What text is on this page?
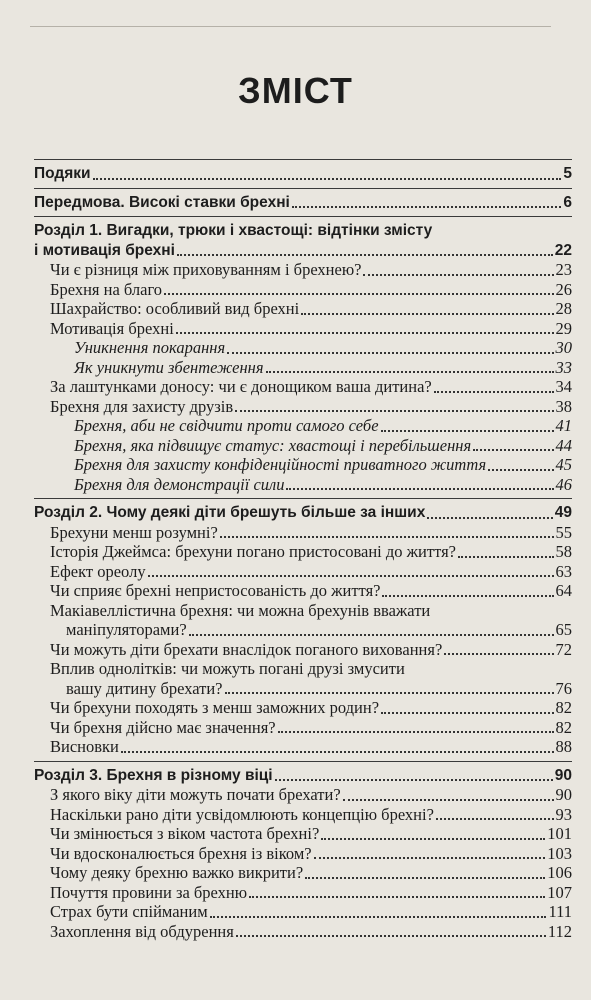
ЗМІСТ
Подяки	5
Передмова. Високі ставки брехні	6
Розділ 1. Вигадки, трюки і хвастощі: відтінки змісту
і мотивація брехні	22
Чи є різниця між приховуванням і брехнею?	23
Брехня на благо	26
Шахрайство: особливий вид брехні	28
Мотивація брехні	29
Уникнення покарання	30
Як уникнути збентеження	33
За лаштунками доносу: чи є донощиком ваша дитина?	34
Брехня для захисту друзів	38
Брехня, аби не свідчити проти самого себе	41
Брехня, яка підвищує статус: хвастощі і перебільшення	44
Брехня для захисту конфіденційності приватного життя	45
Брехня для демонстрації сили	46
Розділ 2. Чому деякі діти брешуть більше за інших	49
Брехуни менш розумні?	55
Історія Джеймса: брехуни погано пристосовані до життя?	58
Ефект ореолу	63
Чи сприяє брехні непристосованість до життя?	64
Макіавеллістична брехня: чи можна брехунів вважати
маніпуляторами?	65
Чи можуть діти брехати внаслідок поганого виховання?	72
Вплив однолітків: чи можуть погані друзі змусити
вашу дитину брехати?	76
Чи брехуни походять з менш заможних родин?	82
Чи брехня дійсно має значення?	82
Висновки	88
Розділ 3. Брехня в різному віці	90
З якого віку діти можуть почати брехати?	90
Наскільки рано діти усвідомлюють концепцію брехні?	93
Чи змінюється з віком частота брехні?	101
Чи вдосконалюється брехня із віком?	103
Чому деяку брехню важко викрити?	106
Почуття провини за брехню	107
Страх бути спійманим	111
Захоплення від обдурення	112
